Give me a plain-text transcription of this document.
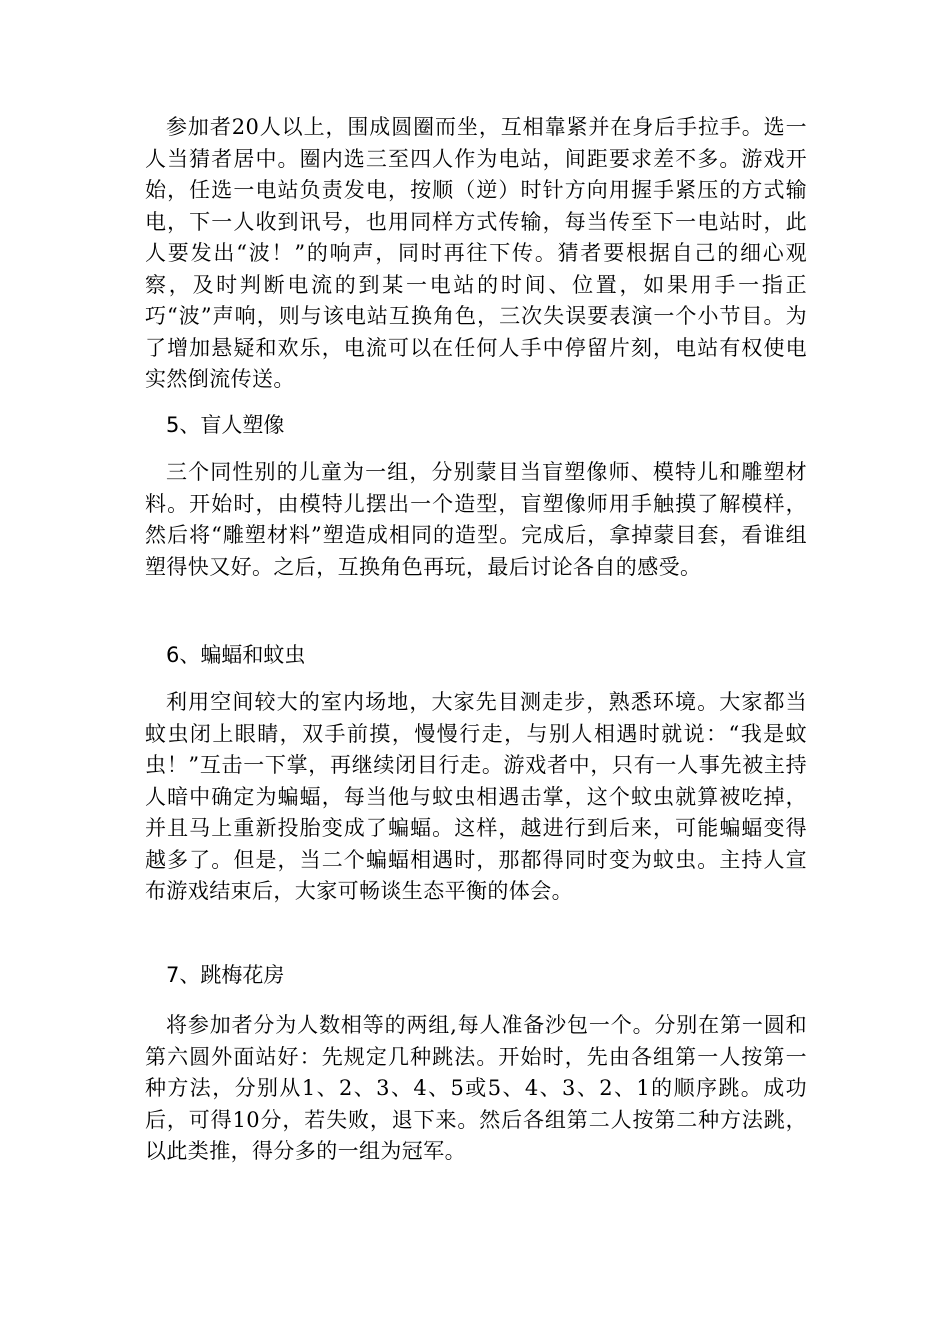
参加者20人以上，围成圆圈而坐，互相靠紧并在身后手拉手。选一人当猜者居中。圈内选三至四人作为电站，间距要求差不多。游戏开始，任选一电站负责发电，按顺（逆）时针方向用握手紧压的方式输电，下一人收到讯号，也用同样方式传输，每当传至下一电站时，此人要发出“波！”的响声，同时再往下传。猜者要根据自己的细心观察，及时判断电流的到某一电站的时间、位置，如果用手一指正巧“波”声响，则与该电站互换角色，三次失误要表演一个小节目。为了增加悬疑和欢乐，电流可以在任何人手中停留片刻，电站有权使电实然倒流传送。

5、盲人塑像

三个同性别的儿童为一组，分别蒙目当盲塑像师、模特儿和雕塑材料。开始时，由模特儿摆出一个造型，盲塑像师用手触摸了解模样，然后将“雕塑材料”塑造成相同的造型。完成后，拿掉蒙目套，看谁组塑得快又好。之后，互换角色再玩，最后讨论各自的感受。

6、蝙蝠和蚊虫

利用空间较大的室内场地，大家先目测走步，熟悉环境。大家都当蚊虫闭上眼睛，双手前摸，慢慢行走，与别人相遇时就说：“我是蚊虫！”互击一下掌，再继续闭目行走。游戏者中，只有一人事先被主持人暗中确定为蝙蝠，每当他与蚊虫相遇击掌，这个蚊虫就算被吃掉，并且马上重新投胎变成了蝙蝠。这样，越进行到后来，可能蝙蝠变得越多了。但是，当二个蝙蝠相遇时，那都得同时变为蚊虫。主持人宣布游戏结束后，大家可畅谈生态平衡的体会。

7、跳梅花房

将参加者分为人数相等的两组,每人准备沙包一个。分别在第一圆和第六圆外面站好：先规定几种跳法。开始时，先由各组第一人按第一种方法，分别从1、2、3、4、5或5、4、3、2、1的顺序跳。成功后，可得10分，若失败，退下来。然后各组第二人按第二种方法跳，以此类推，得分多的一组为冠军。
